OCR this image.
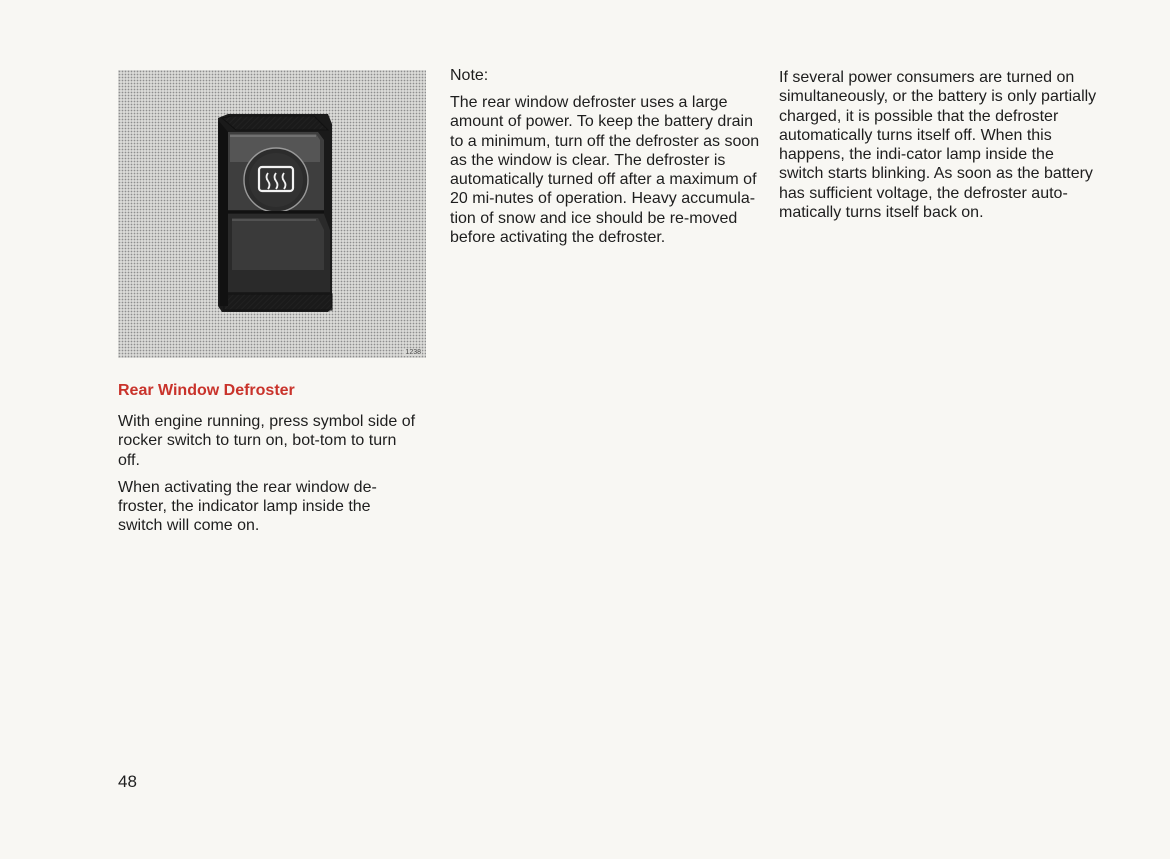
1238
Rear Window Defroster

With engine running, press symbol side of rocker switch to turn on, bot-tom to turn off.

When activating the rear window de-froster, the indicator lamp inside the switch will come on.

Note:

The rear window defroster uses a large amount of power. To keep the battery drain to a minimum, turn off the defroster as soon as the window is clear. The defroster is automatically turned off after a maximum of 20 mi-nutes of operation. Heavy accumula-tion of snow and ice should be re-moved before activating the defroster.

If several power consumers are turned on simultaneously, or the battery is only partially charged, it is possible that the defroster automatically turns itself off. When this happens, the indi-cator lamp inside the switch starts blinking. As soon as the battery has sufficient voltage, the defroster auto-matically turns itself back on.

48
